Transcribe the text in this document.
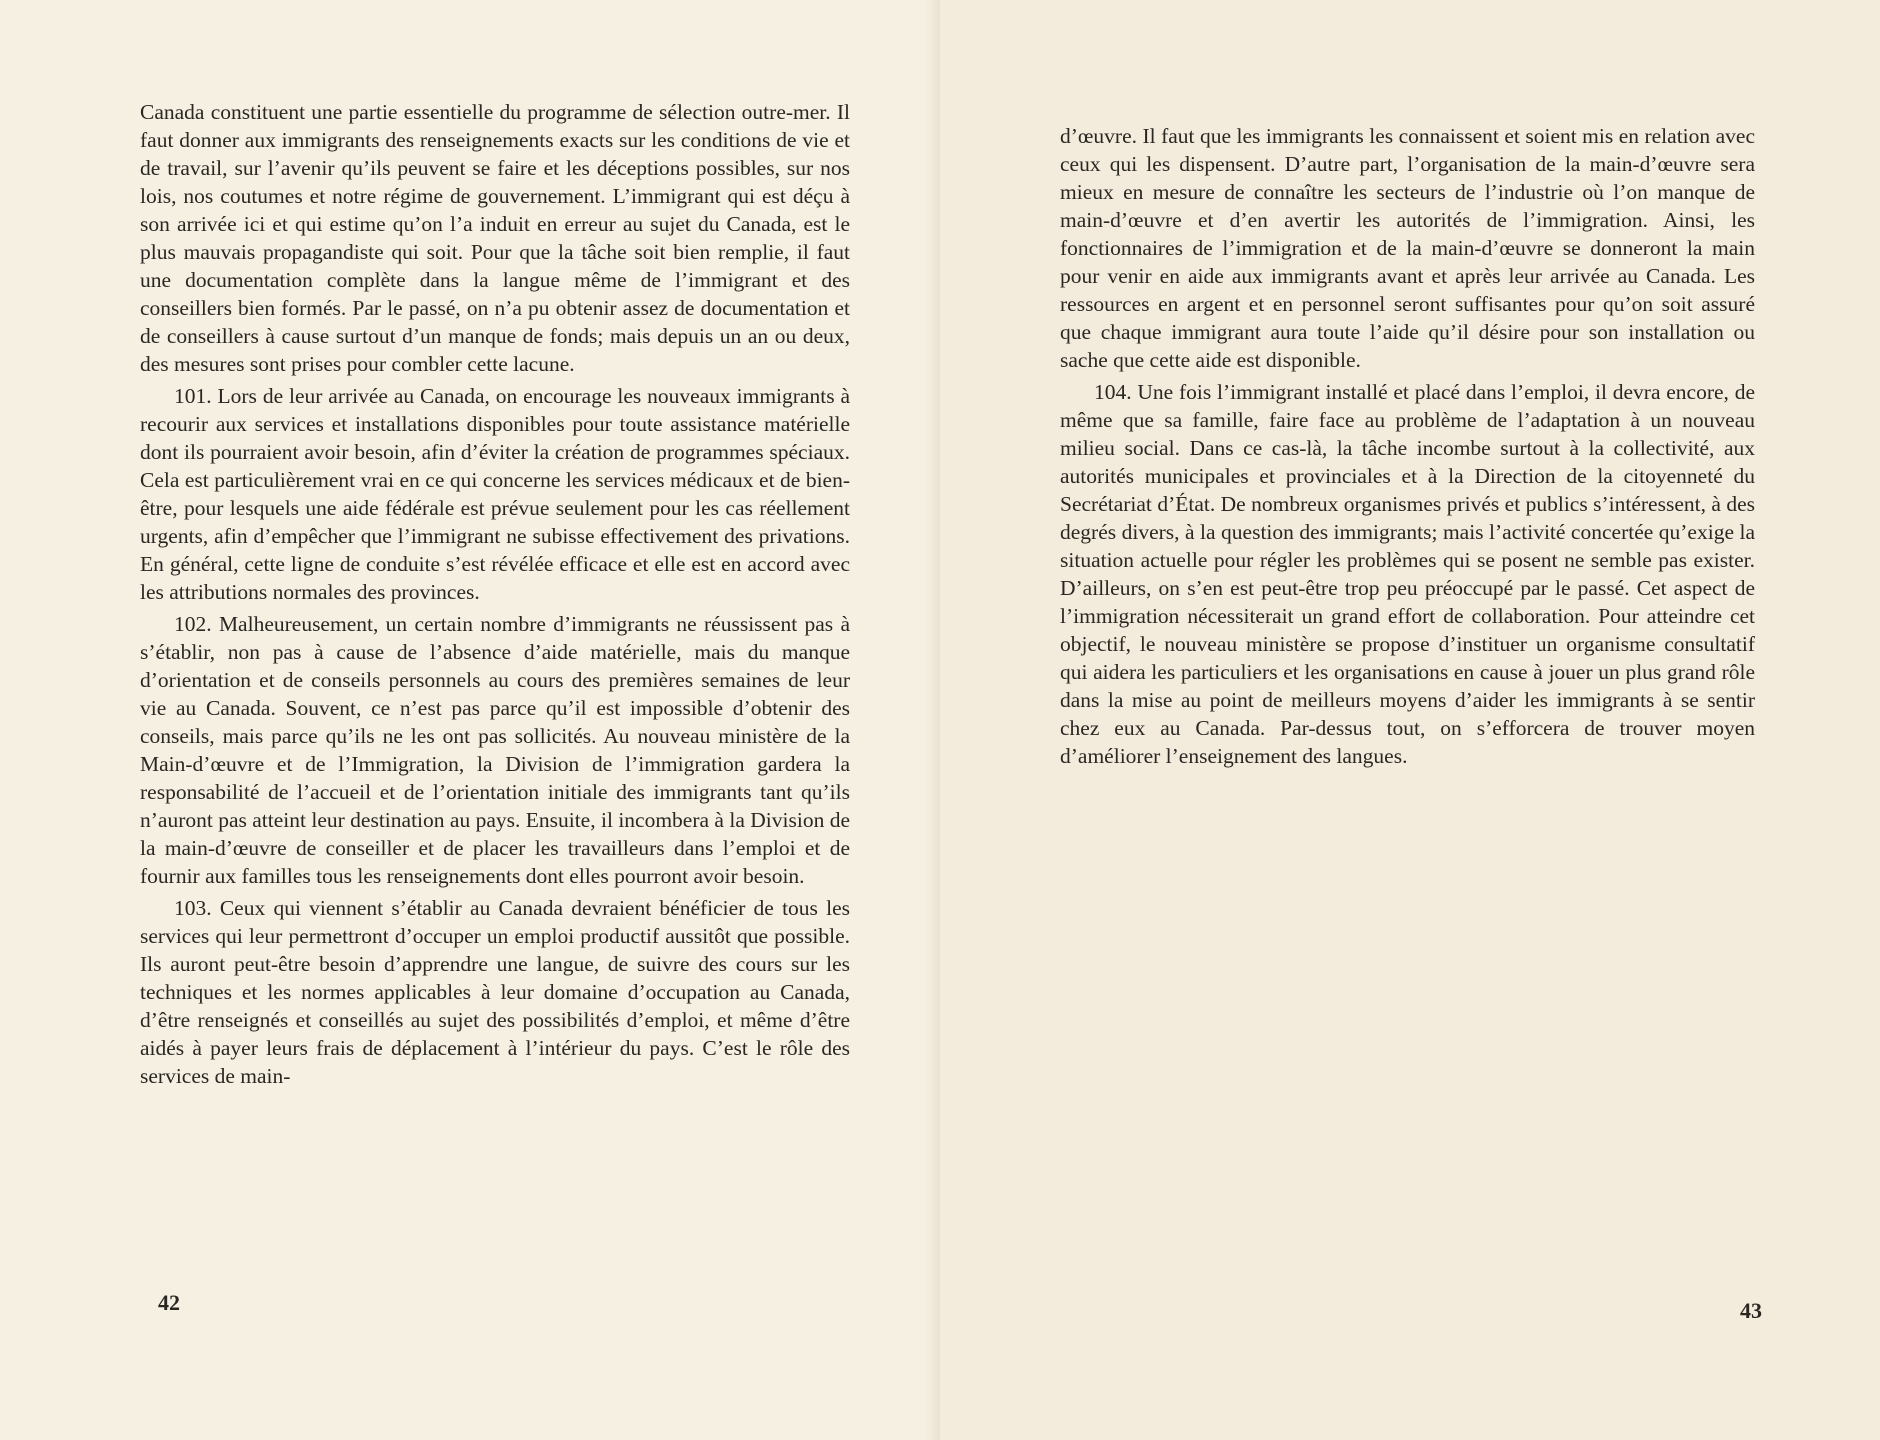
Canada constituent une partie essentielle du programme de sélection outre-mer. Il faut donner aux immigrants des renseignements exacts sur les conditions de vie et de travail, sur l’avenir qu’ils peuvent se faire et les déceptions possibles, sur nos lois, nos coutumes et notre régime de gouvernement. L’immigrant qui est déçu à son arrivée ici et qui estime qu’on l’a induit en erreur au sujet du Canada, est le plus mauvais propagandiste qui soit. Pour que la tâche soit bien remplie, il faut une documentation complète dans la langue même de l’immigrant et des conseillers bien formés. Par le passé, on n’a pu obtenir assez de documentation et de conseillers à cause surtout d’un manque de fonds; mais depuis un an ou deux, des mesures sont prises pour combler cette lacune.

101. Lors de leur arrivée au Canada, on encourage les nouveaux immigrants à recourir aux services et installations disponibles pour toute assistance matérielle dont ils pourraient avoir besoin, afin d’éviter la création de programmes spéciaux. Cela est particulièrement vrai en ce qui concerne les services médicaux et de bien-être, pour lesquels une aide fédérale est prévue seulement pour les cas réellement urgents, afin d’empêcher que l’immigrant ne subisse effectivement des privations. En général, cette ligne de conduite s’est révélée efficace et elle est en accord avec les attributions normales des provinces.

102. Malheureusement, un certain nombre d’immigrants ne réussissent pas à s’établir, non pas à cause de l’absence d’aide matérielle, mais du manque d’orientation et de conseils personnels au cours des premières semaines de leur vie au Canada. Souvent, ce n’est pas parce qu’il est impossible d’obtenir des conseils, mais parce qu’ils ne les ont pas sollicités. Au nouveau ministère de la Main-d’œuvre et de l’Immigration, la Division de l’immigration gardera la responsabilité de l’accueil et de l’orientation initiale des immigrants tant qu’ils n’auront pas atteint leur destination au pays. Ensuite, il incombera à la Division de la main-d’œuvre de conseiller et de placer les travailleurs dans l’emploi et de fournir aux familles tous les renseignements dont elles pourront avoir besoin.

103. Ceux qui viennent s’établir au Canada devraient bénéficier de tous les services qui leur permettront d’occuper un emploi productif aussitôt que possible. Ils auront peut-être besoin d’apprendre une langue, de suivre des cours sur les techniques et les normes applicables à leur domaine d’occupation au Canada, d’être renseignés et conseillés au sujet des possibilités d’emploi, et même d’être aidés à payer leurs frais de déplacement à l’intérieur du pays. C’est le rôle des services de main-

42

d’œuvre. Il faut que les immigrants les connaissent et soient mis en relation avec ceux qui les dispensent. D’autre part, l’organisation de la main-d’œuvre sera mieux en mesure de connaître les secteurs de l’industrie où l’on manque de main-d’œuvre et d’en avertir les autorités de l’immigration. Ainsi, les fonctionnaires de l’immigration et de la main-d’œuvre se donneront la main pour venir en aide aux immigrants avant et après leur arrivée au Canada. Les ressources en argent et en personnel seront suffisantes pour qu’on soit assuré que chaque immigrant aura toute l’aide qu’il désire pour son installation ou sache que cette aide est disponible.

104. Une fois l’immigrant installé et placé dans l’emploi, il devra encore, de même que sa famille, faire face au problème de l’adaptation à un nouveau milieu social. Dans ce cas-là, la tâche incombe surtout à la collectivité, aux autorités municipales et provinciales et à la Direction de la citoyenneté du Secrétariat d’État. De nombreux organismes privés et publics s’intéressent, à des degrés divers, à la question des immigrants; mais l’activité concertée qu’exige la situation actuelle pour régler les problèmes qui se posent ne semble pas exister. D’ailleurs, on s’en est peut-être trop peu préoccupé par le passé. Cet aspect de l’immigration nécessiterait un grand effort de collaboration. Pour atteindre cet objectif, le nouveau ministère se propose d’instituer un organisme consultatif qui aidera les particuliers et les organisations en cause à jouer un plus grand rôle dans la mise au point de meilleurs moyens d’aider les immigrants à se sentir chez eux au Canada. Par-dessus tout, on s’efforcera de trouver moyen d’améliorer l’enseignement des langues.

43
